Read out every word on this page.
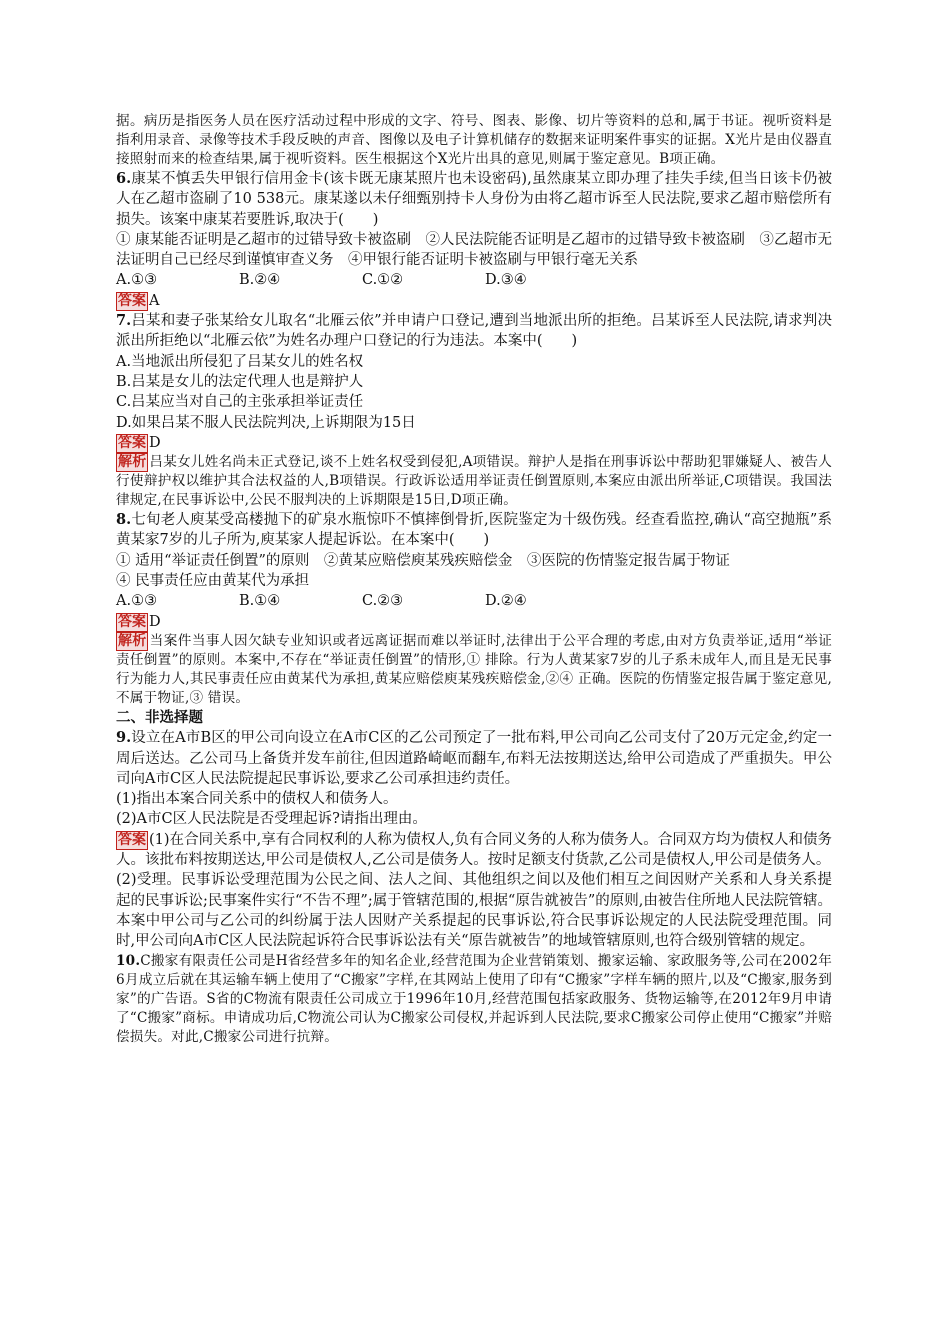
据。病历是指医务人员在医疗活动过程中形成的文字、符号、图表、影像、切片等资料的总和,属于书证。视听资料是指利用录音、录像等技术手段反映的声音、图像以及电子计算机储存的数据来证明案件事实的证据。X光片是由仪器直接照射而来的检查结果,属于视听资料。医生根据这个X光片出具的意见,则属于鉴定意见。B项正确。

6.康某不慎丢失甲银行信用金卡(该卡既无康某照片也未设密码),虽然康某立即办理了挂失手续,但当日该卡仍被人在乙超市盗刷了10 538元。康某遂以未仔细甄别持卡人身份为由将乙超市诉至人民法院,要求乙超市赔偿所有损失。该案中康某若要胜诉,取决于(　　)

① 康某能否证明是乙超市的过错导致卡被盗刷　②人民法院能否证明是乙超市的过错导致卡被盗刷　③乙超市无法证明自己已经尽到谨慎审查义务　④甲银行能否证明卡被盗刷与甲银行毫无关系

A.①③	B.②④	C.①②	D.③④

答案 A

7.吕某和妻子张某给女儿取名“北雁云依”并申请户口登记,遭到当地派出所的拒绝。吕某诉至人民法院,请求判决派出所拒绝以“北雁云依”为姓名办理户口登记的行为违法。本案中(　　)

A.当地派出所侵犯了吕某女儿的姓名权

B.吕某是女儿的法定代理人也是辩护人

C.吕某应当对自己的主张承担举证责任

D.如果吕某不服人民法院判决,上诉期限为15日

答案 D

解析 吕某女儿姓名尚未正式登记,谈不上姓名权受到侵犯,A项错误。辩护人是指在刑事诉讼中帮助犯罪嫌疑人、被告人行使辩护权以维护其合法权益的人,B项错误。行政诉讼适用举证责任倒置原则,本案应由派出所举证,C项错误。我国法律规定,在民事诉讼中,公民不服判决的上诉期限是15日,D项正确。

8.七旬老人庾某受高楼抛下的矿泉水瓶惊吓不慎摔倒骨折,医院鉴定为十级伤残。经查看监控,确认“高空抛瓶”系黄某家7岁的儿子所为,庾某家人提起诉讼。在本案中(　　)

① 适用“举证责任倒置”的原则　②黄某应赔偿庾某残疾赔偿金　③医院的伤情鉴定报告属于物证

④ 民事责任应由黄某代为承担

A.①③	B.①④	C.②③	D.②④

答案 D

解析 当案件当事人因欠缺专业知识或者远离证据而难以举证时,法律出于公平合理的考虑,由对方负责举证,适用“举证责任倒置”的原则。本案中,不存在“举证责任倒置”的情形,① 排除。行为人黄某家7岁的儿子系未成年人,而且是无民事行为能力人,其民事责任应由黄某代为承担,黄某应赔偿庾某残疾赔偿金,②④ 正确。医院的伤情鉴定报告属于鉴定意见,不属于物证,③ 错误。

二、非选择题

9.设立在A市B区的甲公司向设立在A市C区的乙公司预定了一批布料,甲公司向乙公司支付了20万元定金,约定一周后送达。乙公司马上备货并发车前往,但因道路崎岖而翻车,布料无法按期送达,给甲公司造成了严重损失。甲公司向A市C区人民法院提起民事诉讼,要求乙公司承担违约责任。

(1)指出本案合同关系中的债权人和债务人。

(2)A市C区人民法院是否受理起诉?请指出理由。

答案 (1)在合同关系中,享有合同权利的人称为债权人,负有合同义务的人称为债务人。合同双方均为债权人和债务人。该批布料按期送达,甲公司是债权人,乙公司是债务人。按时足额支付货款,乙公司是债权人,甲公司是债务人。

(2)受理。民事诉讼受理范围为公民之间、法人之间、其他组织之间以及他们相互之间因财产关系和人身关系提起的民事诉讼;民事案件实行“不告不理”;属于管辖范围的,根据“原告就被告”的原则,由被告住所地人民法院管辖。本案中甲公司与乙公司的纠纷属于法人因财产关系提起的民事诉讼,符合民事诉讼规定的人民法院受理范围。同时,甲公司向A市C区人民法院起诉符合民事诉讼法有关“原告就被告”的地域管辖原则,也符合级别管辖的规定。

10.C搬家有限责任公司是H省经营多年的知名企业,经营范围为企业营销策划、搬家运输、家政服务等,公司在2002年6月成立后就在其运输车辆上使用了“C搬家”字样,在其网站上使用了印有“C搬家”字样车辆的照片,以及“C搬家,服务到家”的广告语。S省的C物流有限责任公司成立于1996年10月,经营范围包括家政服务、货物运输等,在2012年9月申请了“C搬家”商标。申请成功后,C物流公司认为C搬家公司侵权,并起诉到人民法院,要求C搬家公司停止使用“C搬家”并赔偿损失。对此,C搬家公司进行抗辩。
